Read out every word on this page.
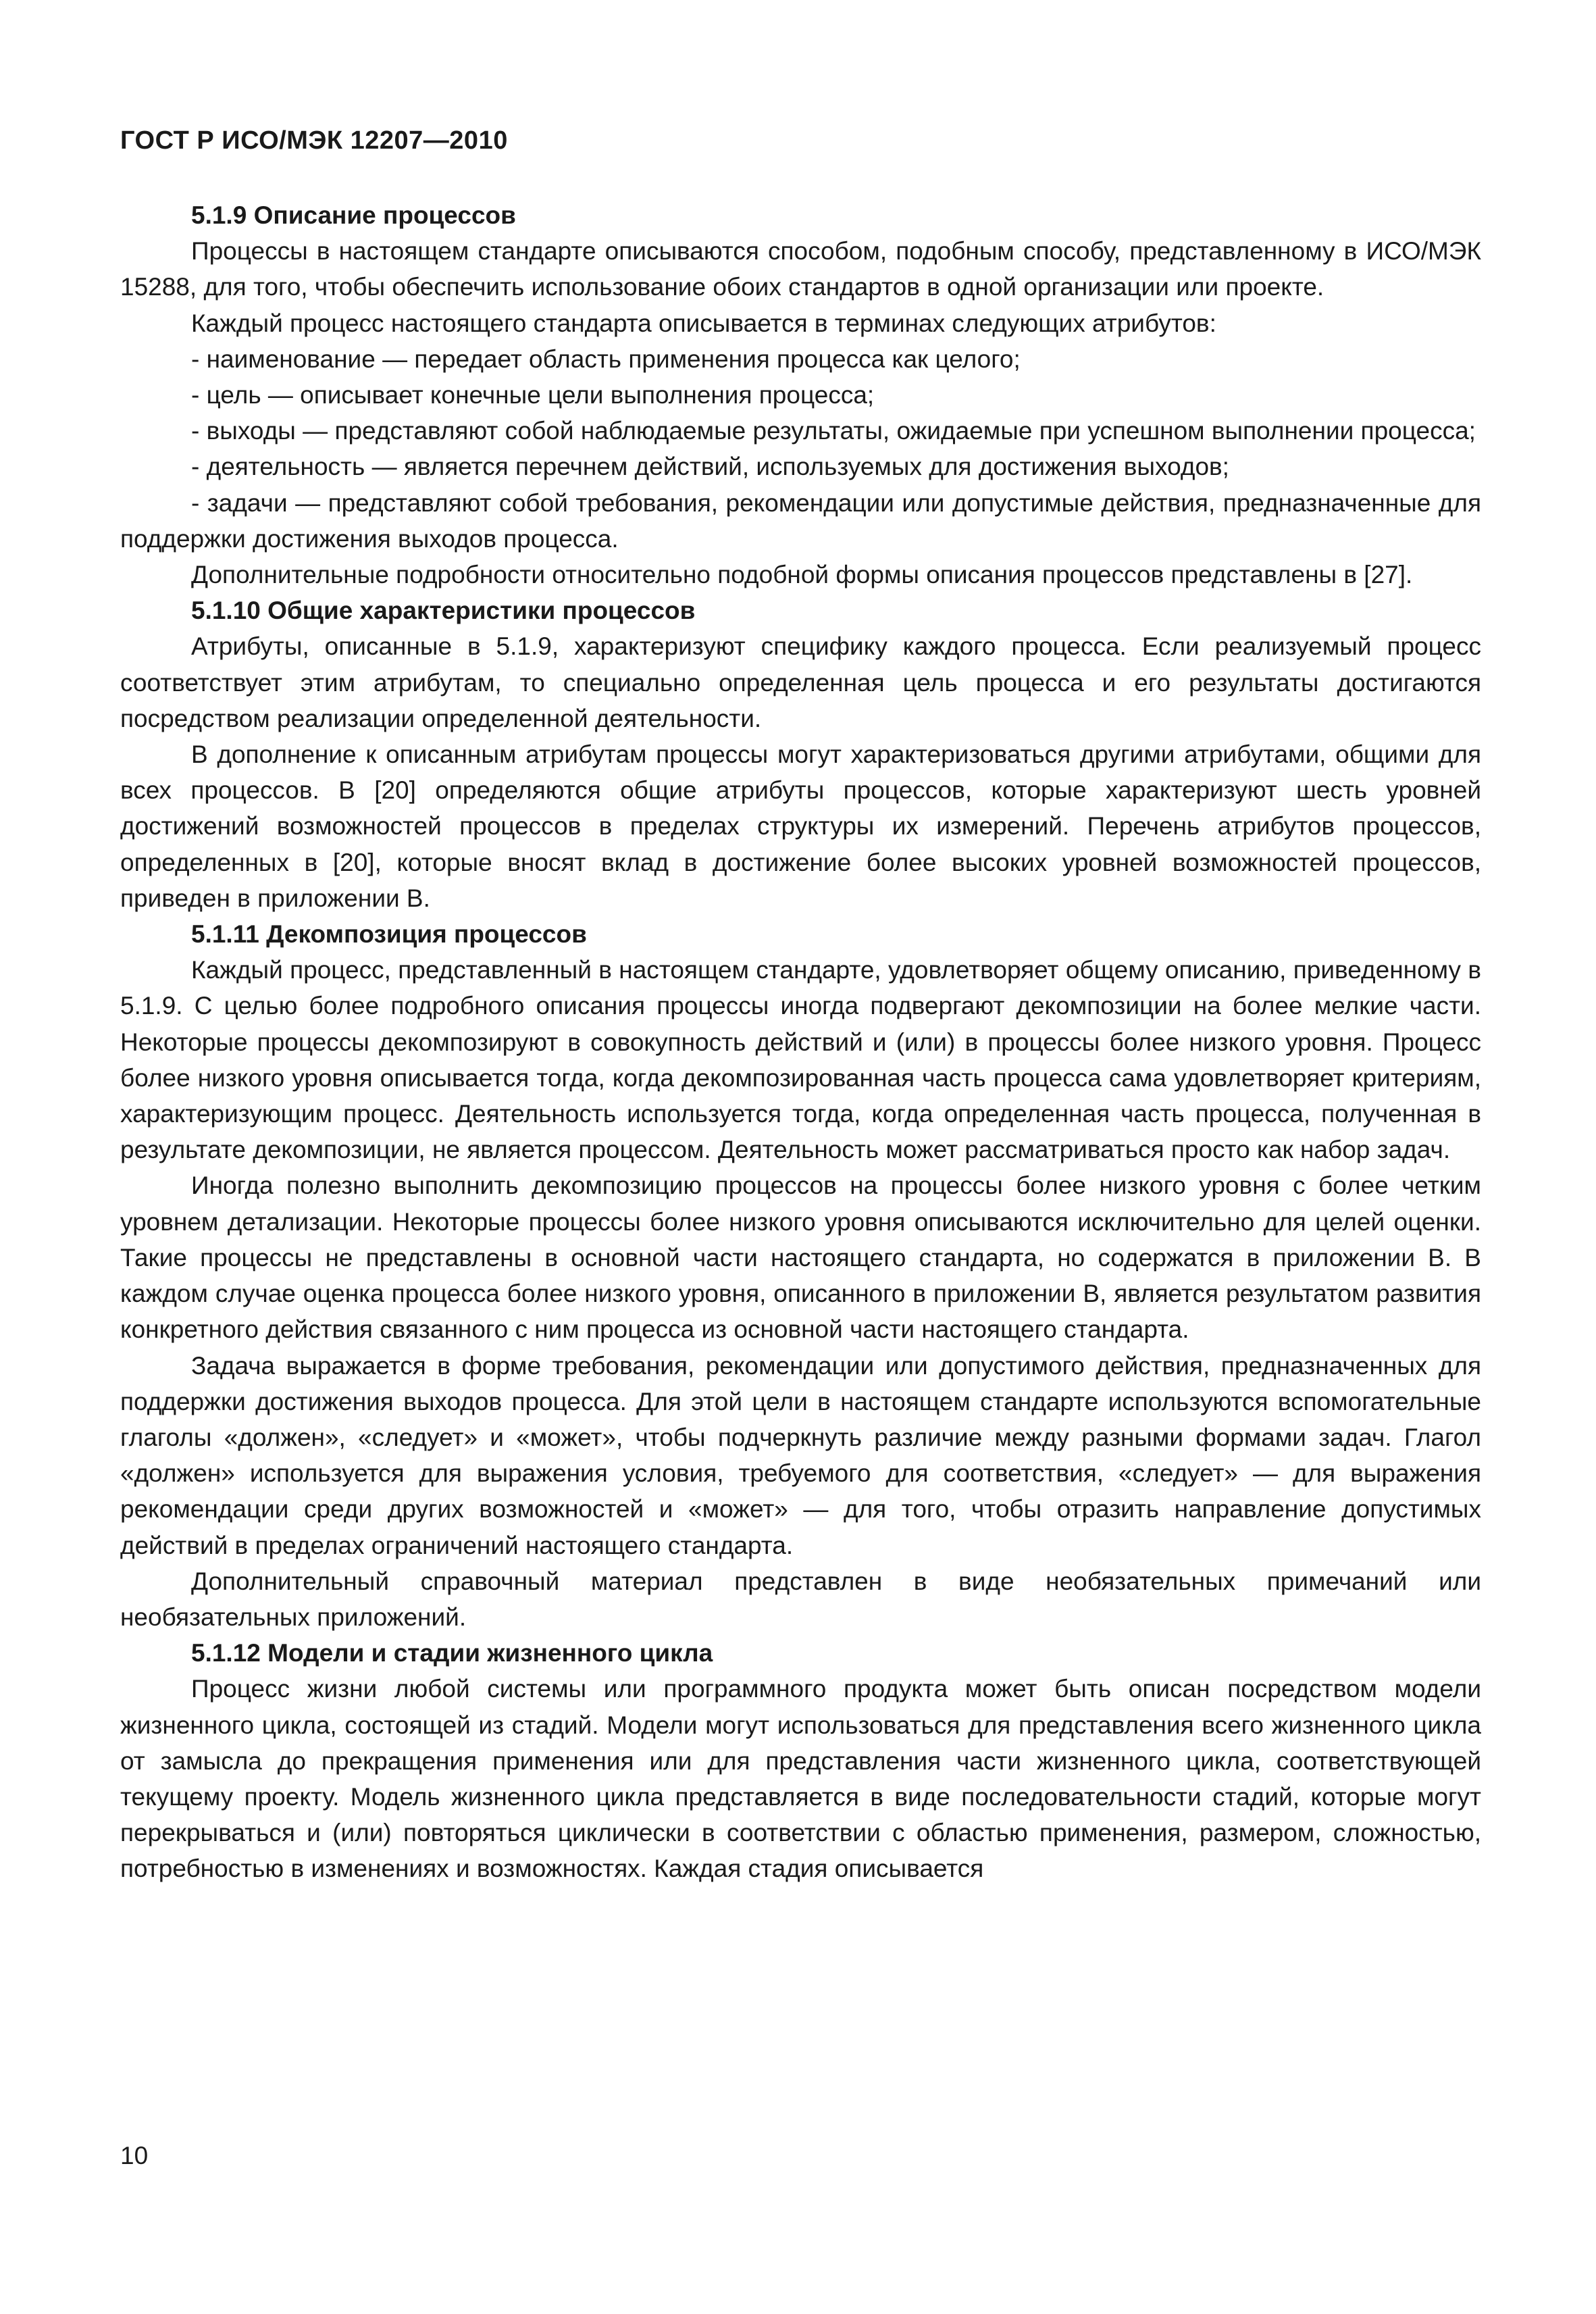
ГОСТ Р ИСО/МЭК 12207—2010
5.1.9 Описание процессов

Процессы в настоящем стандарте описываются способом, подобным способу, представленному в ИСО/МЭК 15288, для того, чтобы обеспечить использование обоих стандартов в одной организации или проекте.

Каждый процесс настоящего стандарта описывается в терминах следующих атрибутов:

- наименование — передает область применения процесса как целого;

- цель — описывает конечные цели выполнения процесса;

- выходы — представляют собой наблюдаемые результаты, ожидаемые при успешном выполнении процесса;

- деятельность — является перечнем действий, используемых для достижения выходов;

- задачи — представляют собой требования, рекомендации или допустимые действия, предназначенные для поддержки достижения выходов процесса.

Дополнительные подробности относительно подобной формы описания процессов представлены в [27].

5.1.10 Общие характеристики процессов

Атрибуты, описанные в 5.1.9, характеризуют специфику каждого процесса. Если реализуемый процесс соответствует этим атрибутам, то специально определенная цель процесса и его результаты достигаются посредством реализации определенной деятельности.

В дополнение к описанным атрибутам процессы могут характеризоваться другими атрибутами, общими для всех процессов. В [20] определяются общие атрибуты процессов, которые характеризуют шесть уровней достижений возможностей процессов в пределах структуры их измерений. Перечень атрибутов процессов, определенных в [20], которые вносят вклад в достижение более высоких уровней возможностей процессов, приведен в приложении В.

5.1.11 Декомпозиция процессов

Каждый процесс, представленный в настоящем стандарте, удовлетворяет общему описанию, приведенному в 5.1.9. С целью более подробного описания процессы иногда подвергают декомпозиции на более мелкие части. Некоторые процессы декомпозируют в совокупность действий и (или) в процессы более низкого уровня. Процесс более низкого уровня описывается тогда, когда декомпозированная часть процесса сама удовлетворяет критериям, характеризующим процесс. Деятельность используется тогда, когда определенная часть процесса, полученная в результате декомпозиции, не является процессом. Деятельность может рассматриваться просто как набор задач.

Иногда полезно выполнить декомпозицию процессов на процессы более низкого уровня с более четким уровнем детализации. Некоторые процессы более низкого уровня описываются исключительно для целей оценки. Такие процессы не представлены в основной части настоящего стандарта, но содержатся в приложении В. В каждом случае оценка процесса более низкого уровня, описанного в приложении В, является результатом развития конкретного действия связанного с ним процесса из основной части настоящего стандарта.

Задача выражается в форме требования, рекомендации или допустимого действия, предназначенных для поддержки достижения выходов процесса. Для этой цели в настоящем стандарте используются вспомогательные глаголы «должен», «следует» и «может», чтобы подчеркнуть различие между разными формами задач. Глагол «должен» используется для выражения условия, требуемого для соответствия, «следует» — для выражения рекомендации среди других возможностей и «может» — для того, чтобы отразить направление допустимых действий в пределах ограничений настоящего стандарта.

Дополнительный справочный материал представлен в виде необязательных примечаний или необязательных приложений.

5.1.12 Модели и стадии жизненного цикла

Процесс жизни любой системы или программного продукта может быть описан посредством модели жизненного цикла, состоящей из стадий. Модели могут использоваться для представления всего жизненного цикла от замысла до прекращения применения или для представления части жизненного цикла, соответствующей текущему проекту. Модель жизненного цикла представляется в виде последовательности стадий, которые могут перекрываться и (или) повторяться циклически в соответствии с областью применения, размером, сложностью, потребностью в изменениях и возможностях. Каждая стадия описывается

10
